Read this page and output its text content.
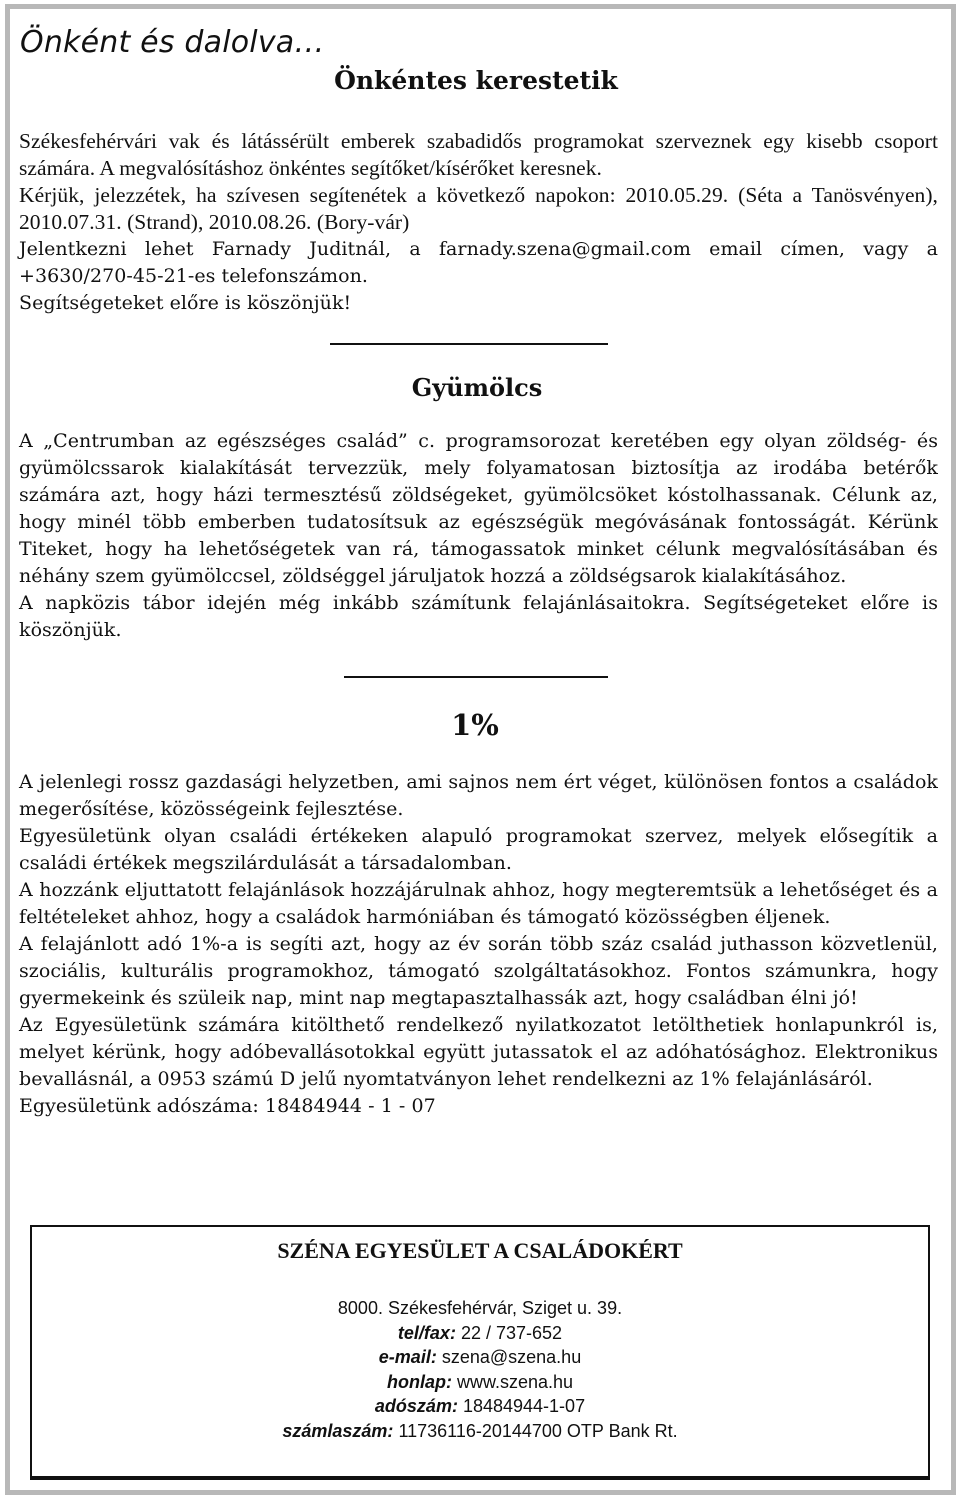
Önként és dalolva…
Önkéntes kerestetik

Székesfehérvári vak és látássérült emberek szabadidős programokat szerveznek egy kisebb csoport számára. A megvalósításhoz önkéntes segítőket/kísérőket keresnek.

Kérjük, jelezzétek, ha szívesen segítenétek a következő napokon: 2010.05.29. (Séta a Tanösvényen), 2010.07.31. (Strand), 2010.08.26. (Bory-vár)

Jelentkezni lehet Farnady Juditnál, a farnady.szena@gmail.com email címen, vagy a +3630/270-45-21-es telefonszámon.

Segítségeteket előre is köszönjük!

Gyümölcs

A „Centrumban az egészséges család” c. programsorozat keretében egy olyan zöldség- és gyümölcssarok kialakítását tervezzük, mely folyamatosan biztosítja az irodába betérők számára azt, hogy házi termesztésű zöldségeket, gyümölcsöket kóstolhassanak. Célunk az, hogy minél több emberben tudatosítsuk az egészségük megóvásának fontosságát. Kérünk Titeket, hogy ha lehetőségetek van rá, támogassatok minket célunk megvalósításában és néhány szem gyümölccsel, zöldséggel járuljatok hozzá a zöldségsarok kialakításához.

A napközis tábor idején még inkább számítunk felajánlásaitokra. Segítségeteket előre is köszönjük.

1%

A jelenlegi rossz gazdasági helyzetben, ami sajnos nem ért véget, különösen fontos a családok megerősítése, közösségeink fejlesztése.

Egyesületünk olyan családi értékeken alapuló programokat szervez, melyek elősegítik a családi értékek megszilárdulását a társadalomban.

A hozzánk eljuttatott felajánlások hozzájárulnak ahhoz, hogy megteremtsük a lehetőséget és a feltételeket ahhoz, hogy a családok harmóniában és támogató közösségben éljenek.

A felajánlott adó 1%-a is segíti azt, hogy az év során több száz család juthasson közvetlenül, szociális, kulturális programokhoz, támogató szolgáltatásokhoz. Fontos számunkra, hogy gyermekeink és szüleik nap, mint nap megtapasztalhassák azt, hogy családban élni jó!

Az Egyesületünk számára kitölthető rendelkező nyilatkozatot letölthetiek honlapunkról is, melyet kérünk, hogy adóbevallásotokkal együtt jutassatok el az adóhatósághoz. Elektronikus bevallásnál, a 0953 számú D jelű nyomtatványon lehet rendelkezni az 1% felajánlásáról.

Egyesületünk adószáma: 18484944 - 1 - 07

SZÉNA EGYESÜLET A CSALÁDOKÉRT
8000. Székesfehérvár, Sziget u. 39.
tel/fax: 22 / 737-652
e-mail: szena@szena.hu
honlap: www.szena.hu
adószám: 18484944-1-07
számlaszám: 11736116-20144700 OTP Bank Rt.
